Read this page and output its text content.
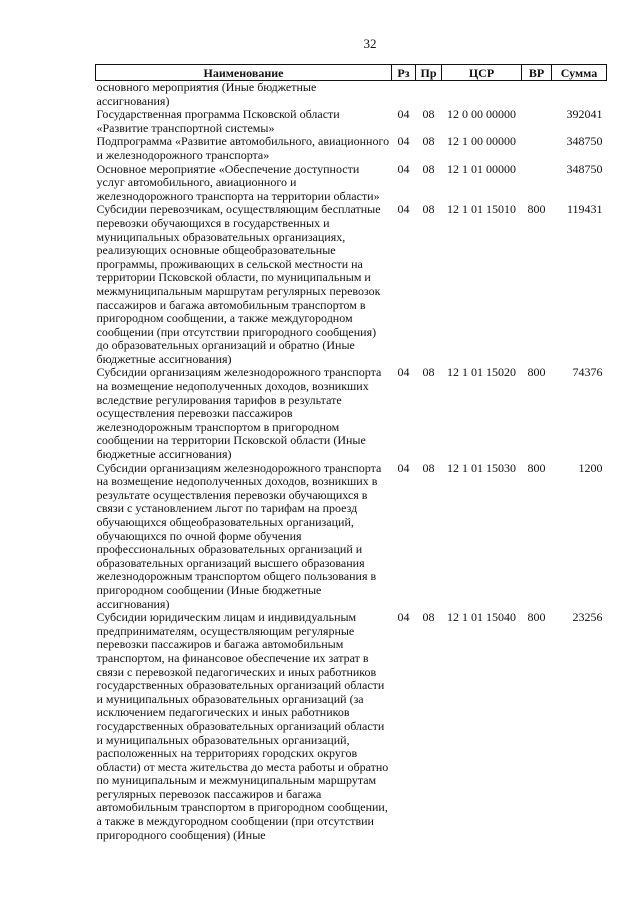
32
Наименование	Рз	Пр	ЦСР	ВР	Сумма
основного мероприятия (Иные бюджетные ассигнования)					
Государственная программа Псковской области «Развитие транспортной системы»	04	08	12 0 00 00000		392041
Подпрограмма «Развитие автомобильного, авиационного и железнодорожного транспорта»	04	08	12 1 00 00000		348750
Основное мероприятие «Обеспечение доступности услуг автомобильного, авиационного и железнодорожного транспорта на территории области»	04	08	12 1 01 00000		348750
Субсидии перевозчикам, осуществляющим бесплатные перевозки обучающихся в государственных и муниципальных образовательных организациях, реализующих основные общеобразовательные программы, проживающих в сельской местности на территории Псковской области, по муниципальным и межмуниципальным маршрутам регулярных перевозок пассажиров и багажа автомобильным транспортом в пригородном сообщении, а также междугородном сообщении (при отсутствии пригородного сообщения) до образовательных организаций и обратно (Иные бюджетные ассигнования)	04	08	12 1 01 15010	800	119431
Субсидии организациям железнодорожного транспорта на возмещение недополученных доходов, возникших вследствие регулирования тарифов в результате осуществления перевозки пассажиров железнодорожным транспортом в пригородном сообщении на территории Псковской области (Иные бюджетные ассигнования)	04	08	12 1 01 15020	800	74376
Субсидии организациям железнодорожного транспорта на возмещение недополученных доходов, возникших в результате осуществления перевозки обучающихся в связи с установлением льгот по тарифам на проезд обучающихся общеобразовательных организаций, обучающихся по очной форме обучения профессиональных образовательных организаций и образовательных организаций высшего образования железнодорожным транспортом общего пользования в пригородном сообщении (Иные бюджетные ассигнования)	04	08	12 1 01 15030	800	1200
Субсидии юридическим лицам и индивидуальным предпринимателям, осуществляющим регулярные перевозки пассажиров и багажа автомобильным транспортом, на финансовое обеспечение их затрат в связи с перевозкой педагогических и иных работников государственных образовательных организаций области и муниципальных образовательных организаций (за исключением педагогических и иных работников государственных образовательных организаций области и муниципальных образовательных организаций, расположенных на территориях городских округов области) от места жительства до места работы и обратно по муниципальным и межмуниципальным маршрутам регулярных перевозок пассажиров и багажа автомобильным транспортом в пригородном сообщении, а также в междугородном сообщении (при отсутствии пригородного сообщения) (Иные	04	08	12 1 01 15040	800	23256
